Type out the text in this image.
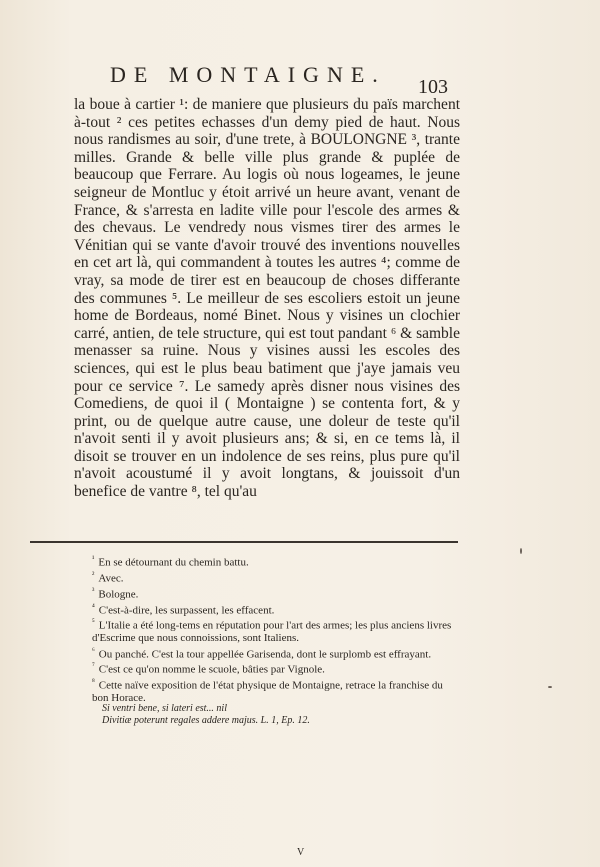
DE MONTAIGNE.	103

la boue à cartier ¹: de maniere que plusieurs du païs marchent à-tout ² ces petites echasses d'un demy pied de haut. Nous nous randismes au soir, d'une trete, à BOULONGNE ³, trante milles. Grande & belle ville plus grande & puplée de beaucoup que Ferrare. Au logis où nous logeames, le jeune seigneur de Montluc y étoit arrivé un heure avant, venant de France, & s'arresta en ladite ville pour l'escole des armes & des chevaus. Le vendredy nous vismes tirer des armes le Vénitian qui se vante d'avoir trouvé des inventions nouvelles en cet art là, qui commandent à toutes les autres ⁴; comme de vray, sa mode de tirer est en beaucoup de choses differante des communes ⁵. Le meilleur de ses escoliers estoit un jeune home de Bordeaus, nomé Binet. Nous y visines un clochier carré, antien, de tele structure, qui est tout pandant ⁶ & samble menasser sa ruine. Nous y visines aussi les escoles des sciences, qui est le plus beau batiment que j'aye jamais veu pour ce service ⁷. Le samedy après disner nous visines des Comediens, de quoi il ( Montaigne ) se contenta fort, & y print, ou de quelque autre cause, une doleur de teste qu'il n'avoit senti il y avoit plusieurs ans; & si, en ce tems là, il disoit se trouver en un indolence de ses reins, plus pure qu'il n'avoit acoustumé il y avoit longtans, & jouissoit d'un benefice de vantre ⁸, tel qu'au

$^{^1}$ En se détournant du chemin battu.

$^{^2}$ Avec.

$^{^3}$ Bologne.

$^{^4}$ C'est-à-dire, les surpassent, les effacent.

$^{^5}$ L'Italie a été long-tems en réputation pour l'art des armes; les plus anciens livres d'Escrime que nous connoissions, sont Italiens.

$^{^6}$ Ou panché. C'est la tour appellée Garisenda, dont le surplomb est effrayant.

$^{^7}$ C'est ce qu'on nomme le scuole, bâties par Vignole.

$^{^8}$ Cette naïve exposition de l'état physique de Montaigne, retrace la franchise du bon Horace.

Si ventri bene, si lateri est... nil
Divitiæ poterunt regales addere majus. L. 1, Ep. 12.
V
